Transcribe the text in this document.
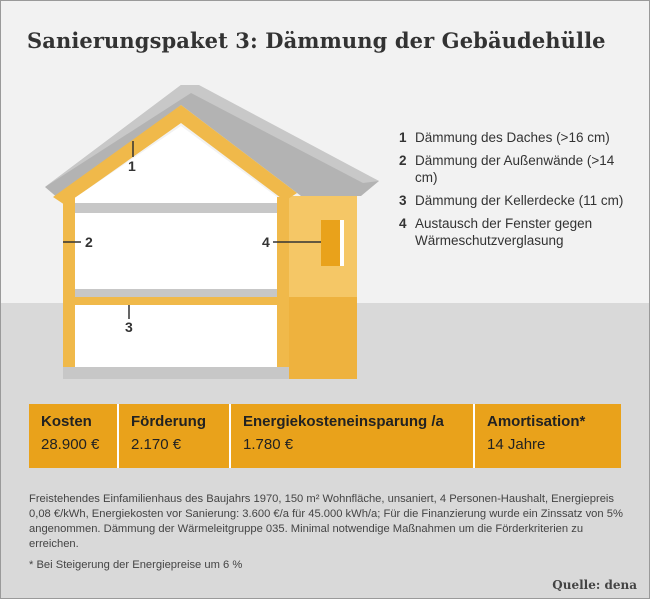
Sanierungspaket 3: Dämmung der Gebäudehülle
1
2
3
4
1 Dämmung des Daches (>16 cm)
2 Dämmung der Außenwände (>14 cm)
3 Dämmung der Kellerdecke (11 cm)
4 Austausch der Fenster gegen Wärmeschutzverglasung
Kosten
28.900 €
Förderung
2.170 €
Energiekosteneinsparung /a
1.780 €
Amortisation*
14 Jahre
Freistehendes Einfamilienhaus des Baujahrs 1970, 150 m² Wohnfläche, unsaniert, 4 Personen-Haushalt, Energiepreis 0,08 €/kWh, Energiekosten vor Sanierung: 3.600 €/a für 45.000 kWh/a; Für die Finanzierung wurde ein Zinssatz von 5% angenommen. Dämmung der Wärmeleitgruppe 035. Minimal notwendige Maßnahmen um die Förderkriterien zu erreichen.
* Bei Steigerung der Energiepreise um 6 %
Quelle: dena
